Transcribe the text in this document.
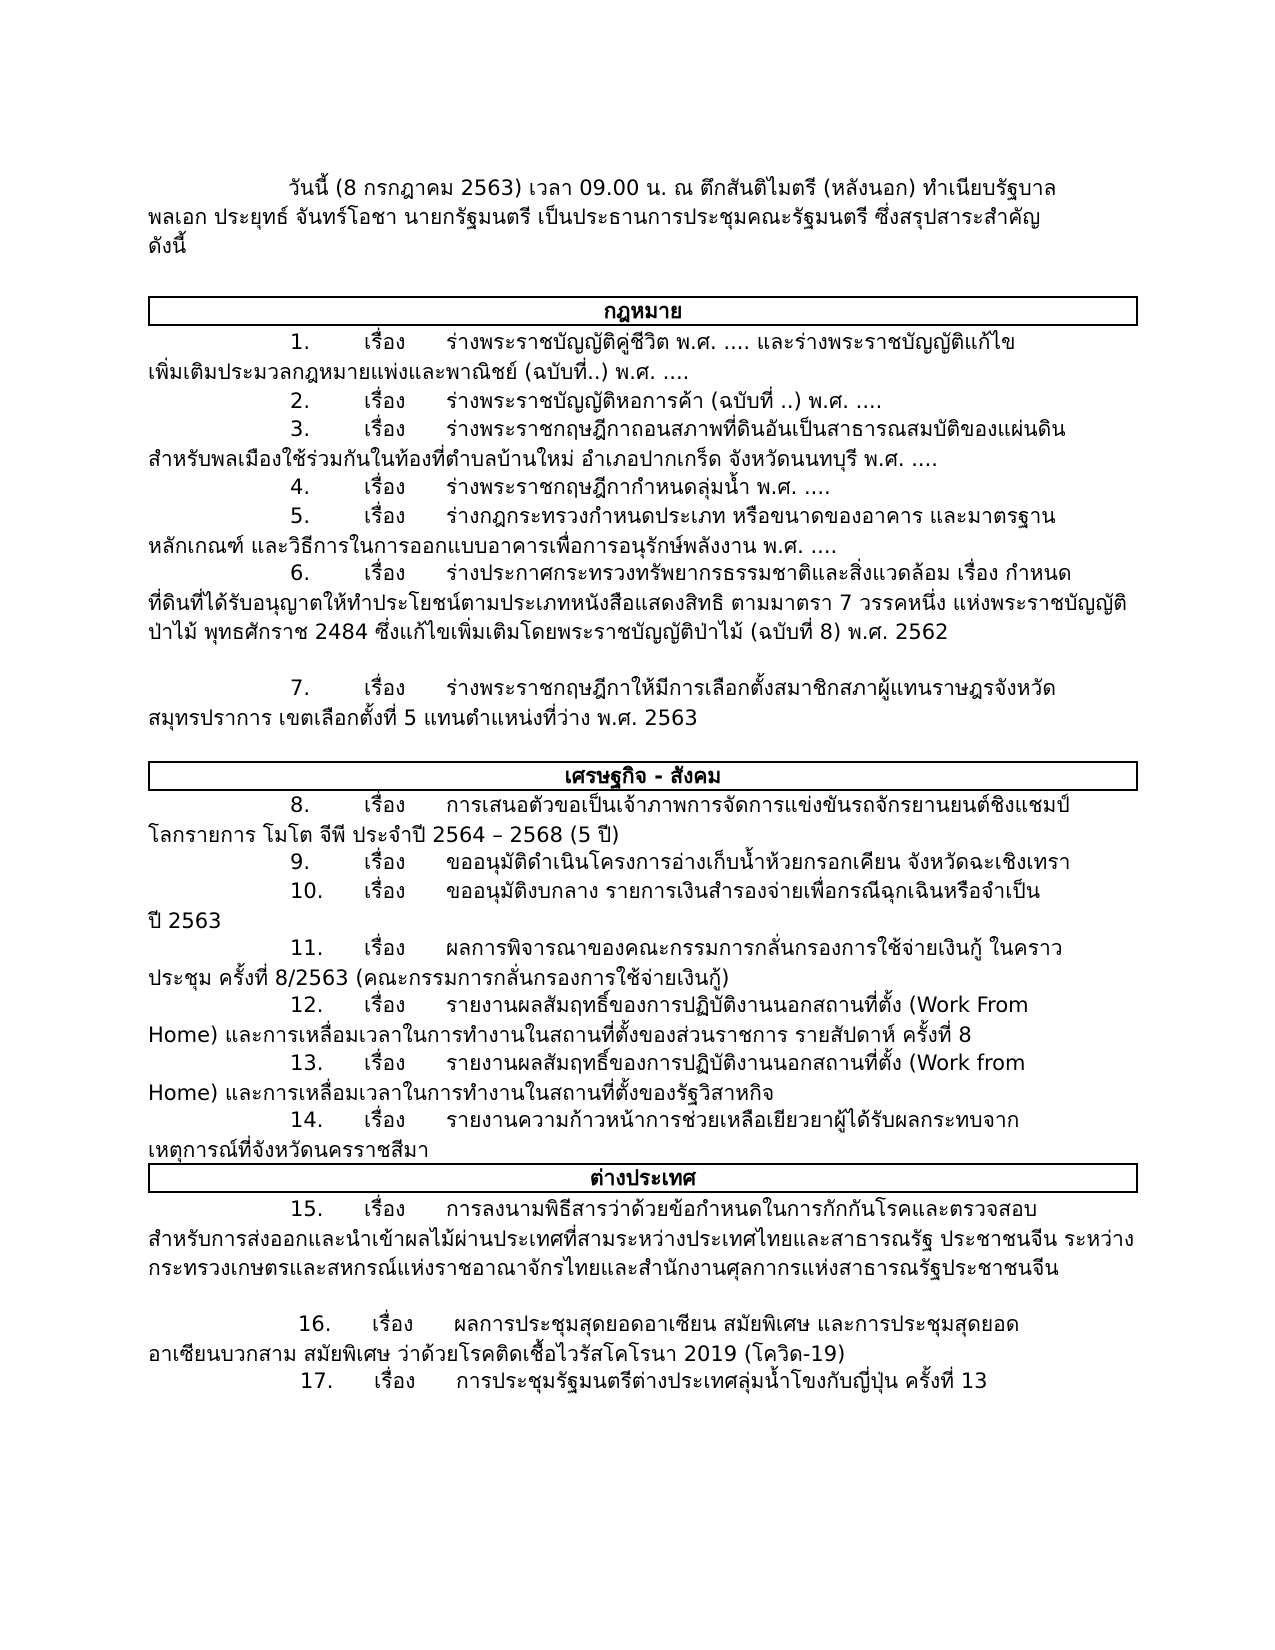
วันนี้ (8 กรกฎาคม 2563) เวลา 09.00 น. ณ ตึกสันติไมตรี (หลังนอก) ทำเนียบรัฐบาล
พลเอก ประยุทธ์ จันทร์โอชา นายกรัฐมนตรี เป็นประธานการประชุมคณะรัฐมนตรี ซึ่งสรุปสาระสำคัญ
ดังนี้
กฎหมาย
1.	เรื่อง ร่างพระราชบัญญัติคู่ชีวิต พ.ศ. .... และร่างพระราชบัญญัติแก้ไข
เพิ่มเติมประมวลกฎหมายแพ่งและพาณิชย์ (ฉบับที่..) พ.ศ. ....
2.	เรื่อง ร่างพระราชบัญญัติหอการค้า (ฉบับที่ ..) พ.ศ. ....
3.	เรื่อง ร่างพระราชกฤษฎีกาถอนสภาพที่ดินอันเป็นสาธารณสมบัติของแผ่นดิน
สำหรับพลเมืองใช้ร่วมกันในท้องที่ตำบลบ้านใหม่ อำเภอปากเกร็ด จังหวัดนนทบุรี พ.ศ. ....
4.	เรื่อง ร่างพระราชกฤษฎีกากำหนดลุ่มน้ำ พ.ศ. ....
5.	เรื่อง ร่างกฎกระทรวงกำหนดประเภท หรือขนาดของอาคาร และมาตรฐาน
หลักเกณฑ์ และวิธีการในการออกแบบอาคารเพื่อการอนุรักษ์พลังงาน พ.ศ. ....
6.	เรื่อง ร่างประกาศกระทรวงทรัพยากรธรรมชาติและสิ่งแวดล้อม เรื่อง กำหนด
ที่ดินที่ได้รับอนุญาตให้ทำประโยชน์ตามประเภทหนังสือแสดงสิทธิ ตามมาตรา 7 วรรคหนึ่ง แห่งพระราชบัญญัติป่าไม้ พุทธศักราช 2484 ซึ่งแก้ไขเพิ่มเติมโดยพระราชบัญญัติป่าไม้ (ฉบับที่ 8) พ.ศ. 2562
7.	เรื่อง ร่างพระราชกฤษฎีกาให้มีการเลือกตั้งสมาชิกสภาผู้แทนราษฎรจังหวัด
สมุทรปราการ เขตเลือกตั้งที่ 5 แทนตำแหน่งที่ว่าง พ.ศ. 2563
เศรษฐกิจ - สังคม
8.	เรื่อง การเสนอตัวขอเป็นเจ้าภาพการจัดการแข่งขันรถจักรยานยนต์ชิงแชมป์
โลกรายการ โมโต จีพี ประจำปี 2564 – 2568 (5 ปี)
9.	เรื่อง ขออนุมัติดำเนินโครงการอ่างเก็บน้ำห้วยกรอกเคียน จังหวัดฉะเชิงเทรา
10. เรื่อง ขออนุมัติงบกลาง รายการเงินสำรองจ่ายเพื่อกรณีฉุกเฉินหรือจำเป็น
ปี 2563
11. เรื่อง ผลการพิจารณาของคณะกรรมการกลั่นกรองการใช้จ่ายเงินกู้ ในคราว
ประชุม ครั้งที่ 8/2563 (คณะกรรมการกลั่นกรองการใช้จ่ายเงินกู้)
12. เรื่อง รายงานผลสัมฤทธิ์ของการปฏิบัติงานนอกสถานที่ตั้ง (Work From
Home) และการเหลื่อมเวลาในการทำงานในสถานที่ตั้งของส่วนราชการ รายสัปดาห์ ครั้งที่ 8
13. เรื่อง รายงานผลสัมฤทธิ์ของการปฏิบัติงานนอกสถานที่ตั้ง (Work from
Home) และการเหลื่อมเวลาในการทำงานในสถานที่ตั้งของรัฐวิสาหกิจ
14. เรื่อง รายงานความก้าวหน้าการช่วยเหลือเยียวยาผู้ได้รับผลกระทบจาก
เหตุการณ์ที่จังหวัดนครราชสีมา
ต่างประเทศ
15. เรื่อง การลงนามพิธีสารว่าด้วยข้อกำหนดในการกักกันโรคและตรวจสอบ
สำหรับการส่งออกและนำเข้าผลไม้ผ่านประเทศที่สามระหว่างประเทศไทยและสาธารณรัฐ ประชาชนจีน ระหว่างกระทรวงเกษตรและสหกรณ์แห่งราชอาณาจักรไทยและสำนักงานศุลกากรแห่งสาธารณรัฐประชาชนจีน
16. เรื่อง ผลการประชุมสุดยอดอาเซียน สมัยพิเศษ และการประชุมสุดยอด
อาเซียนบวกสาม สมัยพิเศษ ว่าด้วยโรคติดเชื้อไวรัสโคโรนา 2019 (โควิด-19)
17. เรื่อง การประชุมรัฐมนตรีต่างประเทศลุ่มน้ำโขงกับญี่ปุ่น ครั้งที่ 13
